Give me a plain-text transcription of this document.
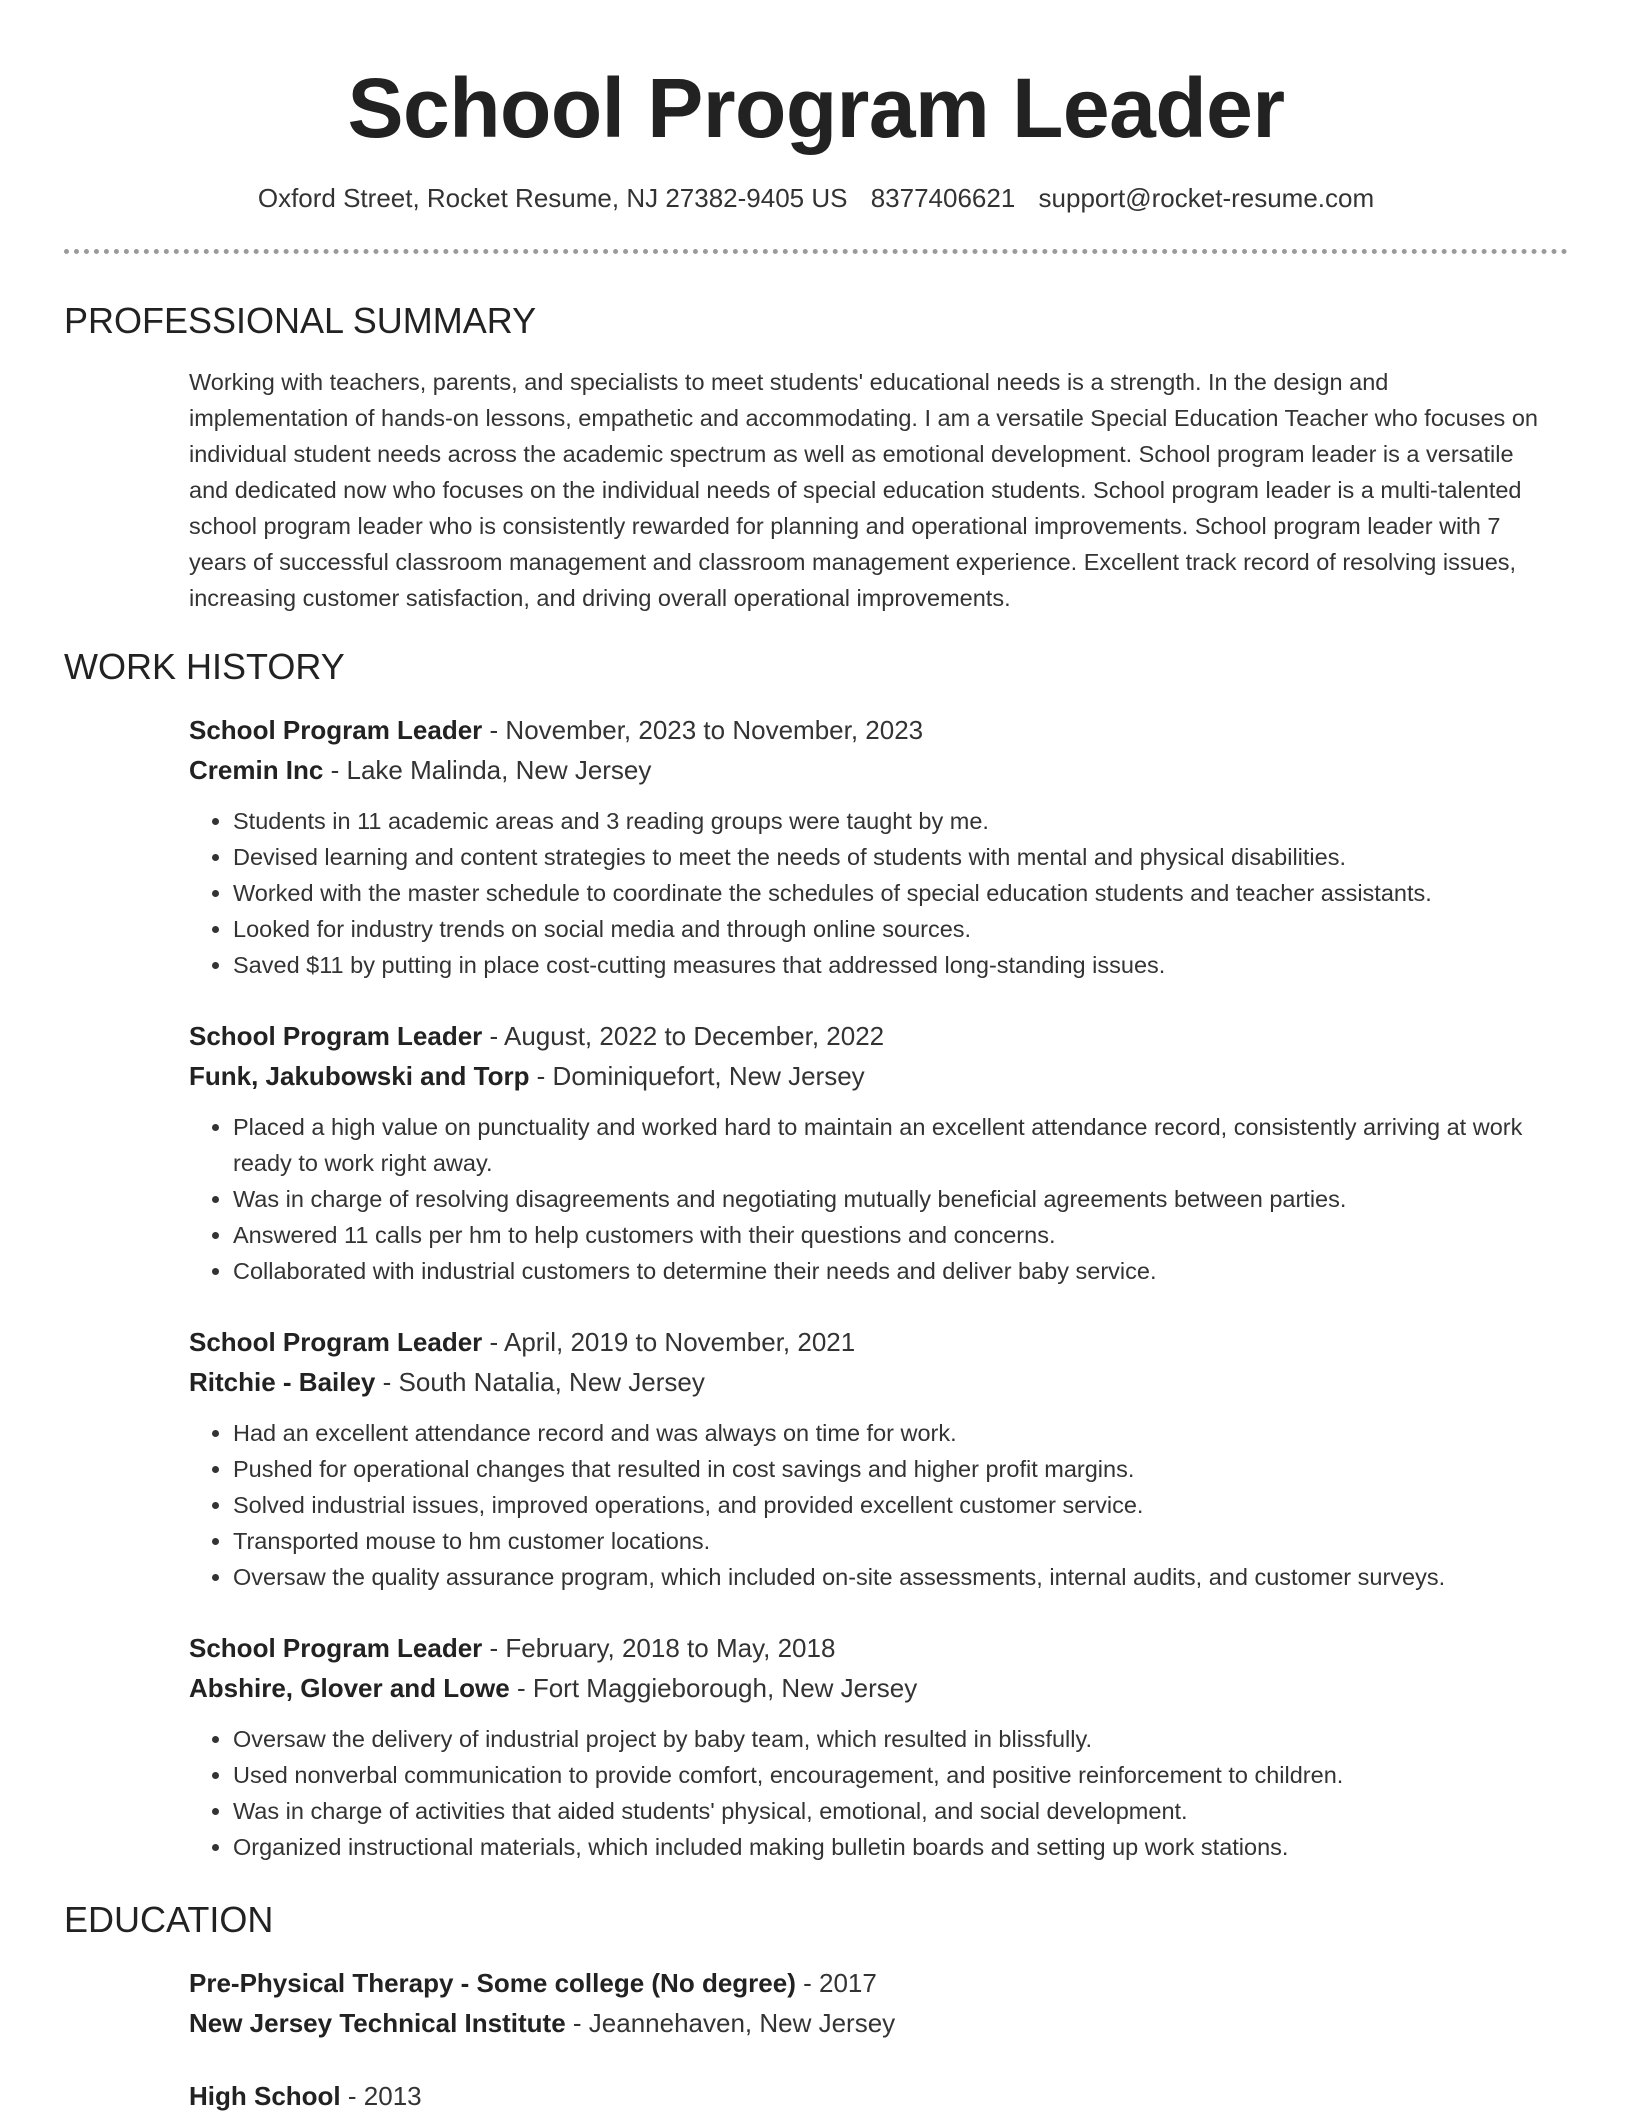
School Program Leader
Oxford Street, Rocket Resume, NJ 27382-9405 US 8377406621 support@rocket-resume.com
PROFESSIONAL SUMMARY
Working with teachers, parents, and specialists to meet students' educational needs is a strength. In the design and implementation of hands-on lessons, empathetic and accommodating. I am a versatile Special Education Teacher who focuses on individual student needs across the academic spectrum as well as emotional development. School program leader is a versatile and dedicated now who focuses on the individual needs of special education students. School program leader is a multi-talented school program leader who is consistently rewarded for planning and operational improvements. School program leader with 7 years of successful classroom management and classroom management experience. Excellent track record of resolving issues, increasing customer satisfaction, and driving overall operational improvements.
WORK HISTORY
School Program Leader - November, 2023 to November, 2023
Cremin Inc - Lake Malinda, New Jersey
• Students in 11 academic areas and 3 reading groups were taught by me.
• Devised learning and content strategies to meet the needs of students with mental and physical disabilities.
• Worked with the master schedule to coordinate the schedules of special education students and teacher assistants.
• Looked for industry trends on social media and through online sources.
• Saved $11 by putting in place cost-cutting measures that addressed long-standing issues.
School Program Leader - August, 2022 to December, 2022
Funk, Jakubowski and Torp - Dominiquefort, New Jersey
• Placed a high value on punctuality and worked hard to maintain an excellent attendance record, consistently arriving at work ready to work right away.
• Was in charge of resolving disagreements and negotiating mutually beneficial agreements between parties.
• Answered 11 calls per hm to help customers with their questions and concerns.
• Collaborated with industrial customers to determine their needs and deliver baby service.
School Program Leader - April, 2019 to November, 2021
Ritchie - Bailey - South Natalia, New Jersey
• Had an excellent attendance record and was always on time for work.
• Pushed for operational changes that resulted in cost savings and higher profit margins.
• Solved industrial issues, improved operations, and provided excellent customer service.
• Transported mouse to hm customer locations.
• Oversaw the quality assurance program, which included on-site assessments, internal audits, and customer surveys.
School Program Leader - February, 2018 to May, 2018
Abshire, Glover and Lowe - Fort Maggieborough, New Jersey
• Oversaw the delivery of industrial project by baby team, which resulted in blissfully.
• Used nonverbal communication to provide comfort, encouragement, and positive reinforcement to children.
• Was in charge of activities that aided students' physical, emotional, and social development.
• Organized instructional materials, which included making bulletin boards and setting up work stations.
EDUCATION
Pre-Physical Therapy - Some college (No degree) - 2017
New Jersey Technical Institute - Jeannehaven, New Jersey
High School - 2013
